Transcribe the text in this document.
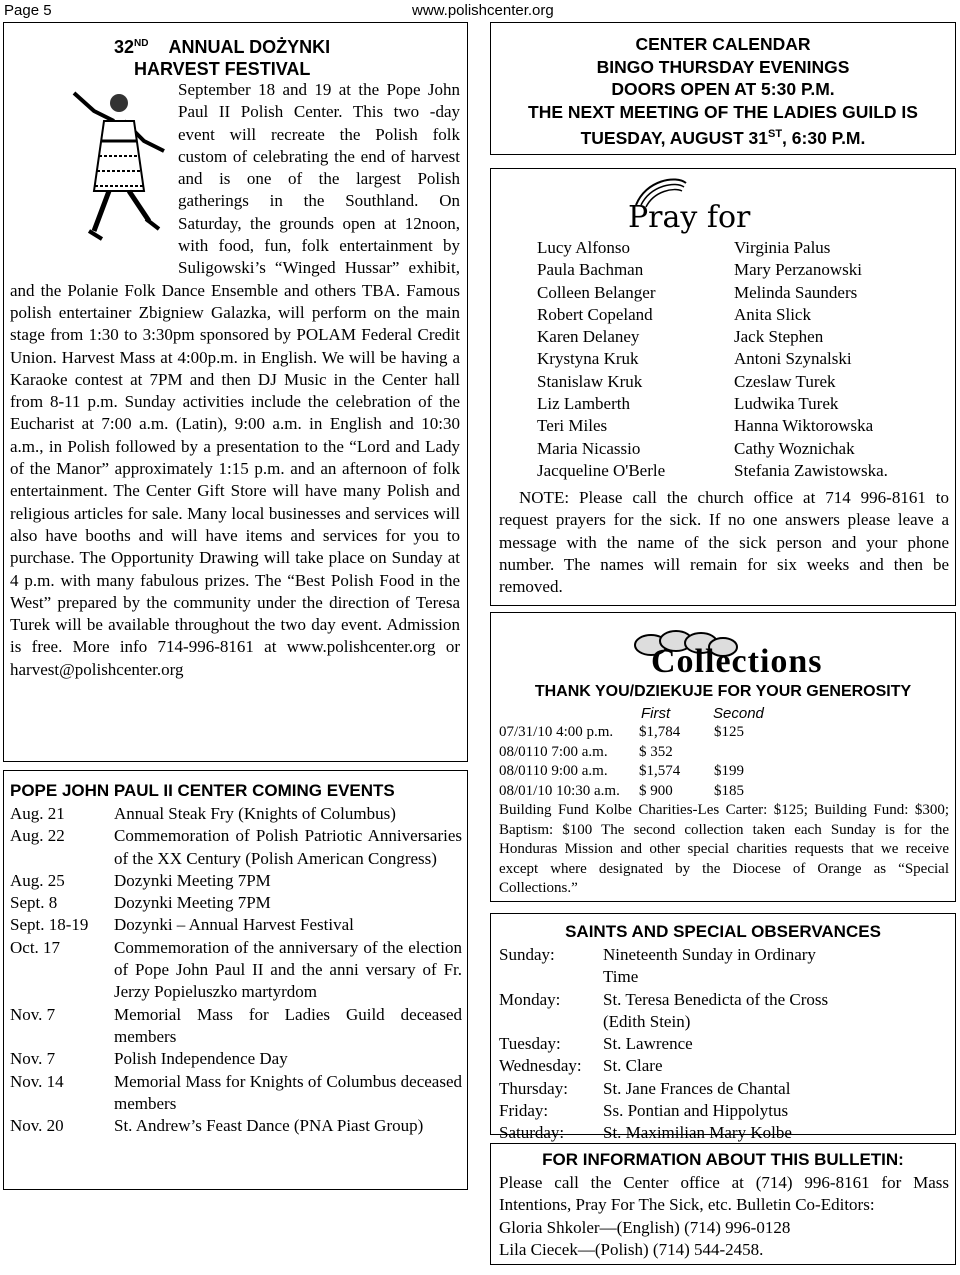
Page 5	www.polishcenter.org
32ND ANNUAL DOŻYNKI
HARVEST FESTIVAL
September 18 and 19 at the Pope John Paul II Polish Center. This two -day event will recreate the Polish folk custom of celebrating the end of harvest and is one of the largest Polish gatherings in the Southland. On Saturday, the grounds open at 12noon, with food, fun, folk entertainment by Suligowski’s “Winged Hussar” exhibit, and the Polanie Folk Dance Ensemble and others TBA. Famous polish entertainer Zbigniew Galazka, will perform on the main stage from 1:30 to 3:30pm sponsored by POLAM Federal Credit Union. Harvest Mass at 4:00p.m. in English. We will be having a Karaoke contest at 7PM and then DJ Music in the Center hall from 8-11 p.m. Sunday activities include the celebration of the Eucharist at 7:00 a.m. (Latin), 9:00 a.m. in English and 10:30 a.m., in Polish followed by a presentation to the “Lord and Lady of the Manor” approximately 1:15 p.m. and an afternoon of folk entertainment. The Center Gift Store will have many Polish and religious articles for sale. Many local businesses and services will also have booths and will have items and services for you to purchase. The Opportunity Drawing will take place on Sunday at 4 p.m. with many fabulous prizes. The “Best Polish Food in the West” prepared by the community under the direction of Teresa Turek will be available throughout the two day event. Admission is free. More info 714-996-8161 at www.polishcenter.org or harvest@polishcenter.org
POPE JOHN PAUL II CENTER COMING EVENTS
Aug. 21	Annual Steak Fry (Knights of Columbus)
Aug. 22	Commemoration of Polish Patriotic Anniversaries of the XX Century (Polish American Congress)
Aug. 25	Dozynki Meeting 7PM
Sept. 8	Dozynki Meeting 7PM
Sept. 18-19	Dozynki – Annual Harvest Festival
Oct. 17	Commemoration of the anniversary of the election of Pope John Paul II and the anni versary of Fr. Jerzy Popieluszko martyrdom
Nov. 7	Memorial Mass for Ladies Guild deceased members
Nov. 7	Polish Independence Day
Nov. 14	Memorial Mass for Knights of Columbus deceased members
Nov. 20	St. Andrew’s Feast Dance (PNA Piast Group)
CENTER CALENDAR
BINGO THURSDAY EVENINGS
DOORS OPEN AT 5:30 P.M.
THE NEXT MEETING OF THE LADIES GUILD IS
TUESDAY, AUGUST 31ST, 6:30 P.M.
Pray for
Lucy Alfonso
Paula Bachman
Colleen Belanger
Robert Copeland
Karen Delaney
Krystyna Kruk
Stanislaw Kruk
Liz Lamberth
Teri Miles
Maria Nicassio
Jacqueline O'Berle
Virginia Palus
Mary Perzanowski
Melinda Saunders
Anita Slick
Jack Stephen
Antoni Szynalski
Czeslaw Turek
Ludwika Turek
Hanna Wiktorowska
Cathy Woznichak
Stefania Zawistowska.
NOTE: Please call the church office at 714 996-8161 to request prayers for the sick. If no one answers please leave a message with the name of the sick person and your phone number. The names will remain for six weeks and then be removed.
Collections
THANK YOU/DZIEKUJE FOR YOUR GENEROSITY
First	Second
07/31/10 4:00 p.m.	$1,784	$125
08/0110 7:00 a.m.	$ 352	
08/0110 9:00 a.m.	$1,574	$199
08/01/10 10:30 a.m.	$ 900	$185
Building Fund Kolbe Charities-Les Carter: $125; Building Fund: $300; Baptism: $100 The second collection taken each Sunday is for the Honduras Mission and other special charities requests that we receive except where designated by the Diocese of Orange as “Special Collections.”
SAINTS AND SPECIAL OBSERVANCES
Sunday:	Nineteenth Sunday in Ordinary Time
Monday:	St. Teresa Benedicta of the Cross (Edith Stein)
Tuesday:	St. Lawrence
Wednesday:	St. Clare
Thursday:	St. Jane Frances de Chantal
Friday:	Ss. Pontian and Hippolytus
Saturday:	St. Maximilian Mary Kolbe
FOR INFORMATION ABOUT THIS BULLETIN:
Please call the Center office at (714) 996-8161 for Mass Intentions, Pray For The Sick, etc. Bulletin Co-Editors:
Gloria Shkoler—(English) (714) 996-0128
Lila Ciecek—(Polish) (714) 544-2458.
